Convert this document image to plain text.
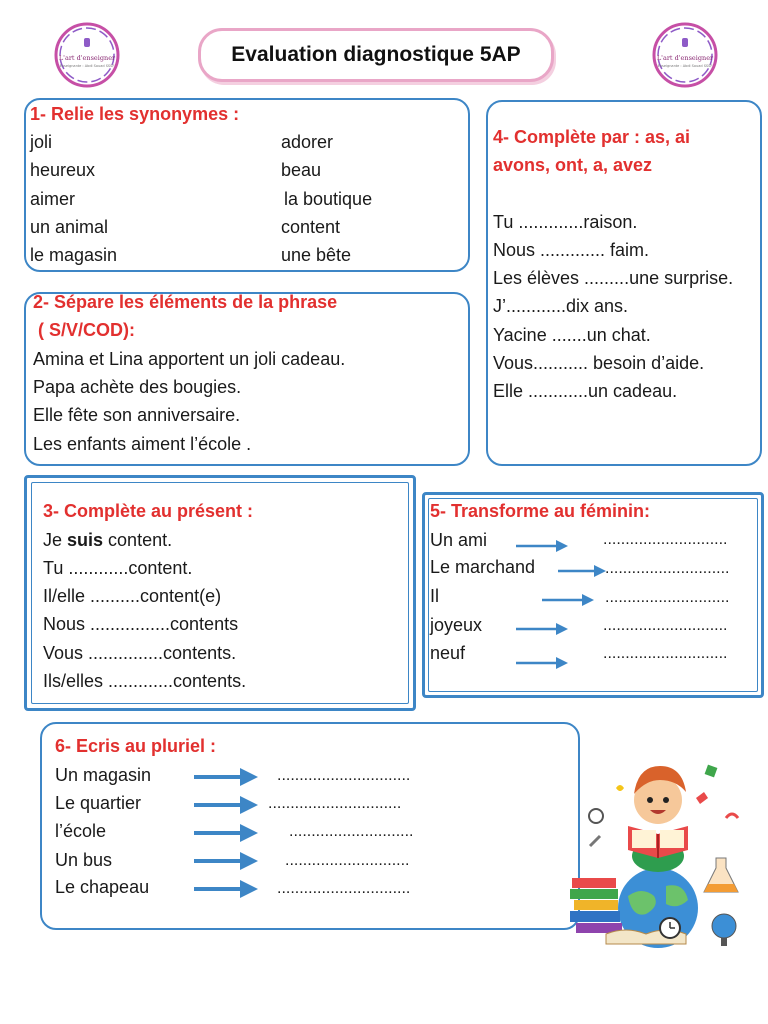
L'art d'enseigner
Enseignante : Abdi Souad SSSF
L'art d'enseigner
Enseignante : Abdi Souad SSSF
Evaluation diagnostique 5AP
1- Relie les synonymes :
joli
heureux
aimer
un animal
le magasin
adorer
beau
la boutique
content
une bête
2- Sépare les éléments de la phrase
( S/V/COD):
Amina et Lina apportent un joli cadeau.
Papa achète des bougies.
Elle fête son anniversaire.
Les enfants aiment l’école .
4- Complète par : as, ai
avons, ont, a, avez
Tu .............raison.
Nous ............. faim.
Les élèves .........une surprise.
J’............dix ans.
Yacine .......un chat.
Vous........... besoin d’aide.
Elle ............un cadeau.
3- Complète au présent :
Je suis content.
Tu ............content.
Il/elle ..........content(e)
Nous ................contents
Vous ...............contents.
Ils/elles .............contents.
5- Transforme au féminin:
Un ami
Le marchand
Il
joyeux
neuf
............................
............................
............................
............................
............................
6- Ecris au pluriel :
Un magasin
Le quartier
l’école
Un bus
Le chapeau
..............................
..............................
............................
............................
..............................
